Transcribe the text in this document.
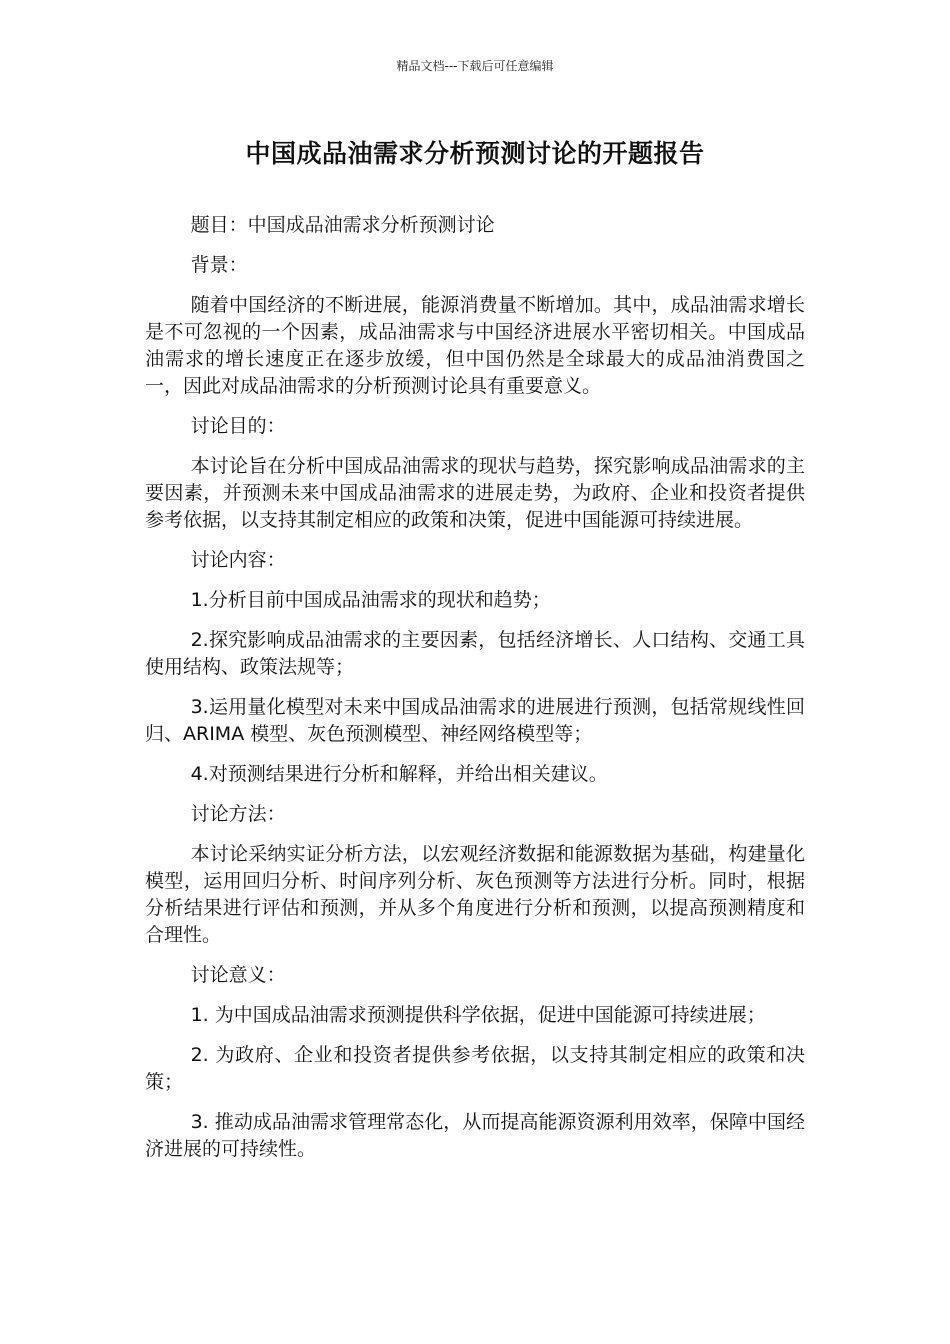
精品文档---下载后可任意编辑
中国成品油需求分析预测讨论的开题报告

题目：中国成品油需求分析预测讨论

背景：

随着中国经济的不断进展，能源消费量不断增加。其中，成品油需求增长是不可忽视的一个因素，成品油需求与中国经济进展水平密切相关。中国成品油需求的增长速度正在逐步放缓，但中国仍然是全球最大的成品油消费国之一，因此对成品油需求的分析预测讨论具有重要意义。

讨论目的：

本讨论旨在分析中国成品油需求的现状与趋势，探究影响成品油需求的主要因素，并预测未来中国成品油需求的进展走势，为政府、企业和投资者提供参考依据，以支持其制定相应的政策和决策，促进中国能源可持续进展。

讨论内容：

1.分析目前中国成品油需求的现状和趋势；

2.探究影响成品油需求的主要因素，包括经济增长、人口结构、交通工具使用结构、政策法规等；

3.运用量化模型对未来中国成品油需求的进展进行预测，包括常规线性回归、ARIMA 模型、灰色预测模型、神经网络模型等；

4.对预测结果进行分析和解释，并给出相关建议。

讨论方法：

本讨论采纳实证分析方法，以宏观经济数据和能源数据为基础，构建量化模型，运用回归分析、时间序列分析、灰色预测等方法进行分析。同时，根据分析结果进行评估和预测，并从多个角度进行分析和预测，以提高预测精度和合理性。

讨论意义：

1. 为中国成品油需求预测提供科学依据，促进中国能源可持续进展；

2. 为政府、企业和投资者提供参考依据，以支持其制定相应的政策和决策；

3. 推动成品油需求管理常态化，从而提高能源资源利用效率，保障中国经济进展的可持续性。
